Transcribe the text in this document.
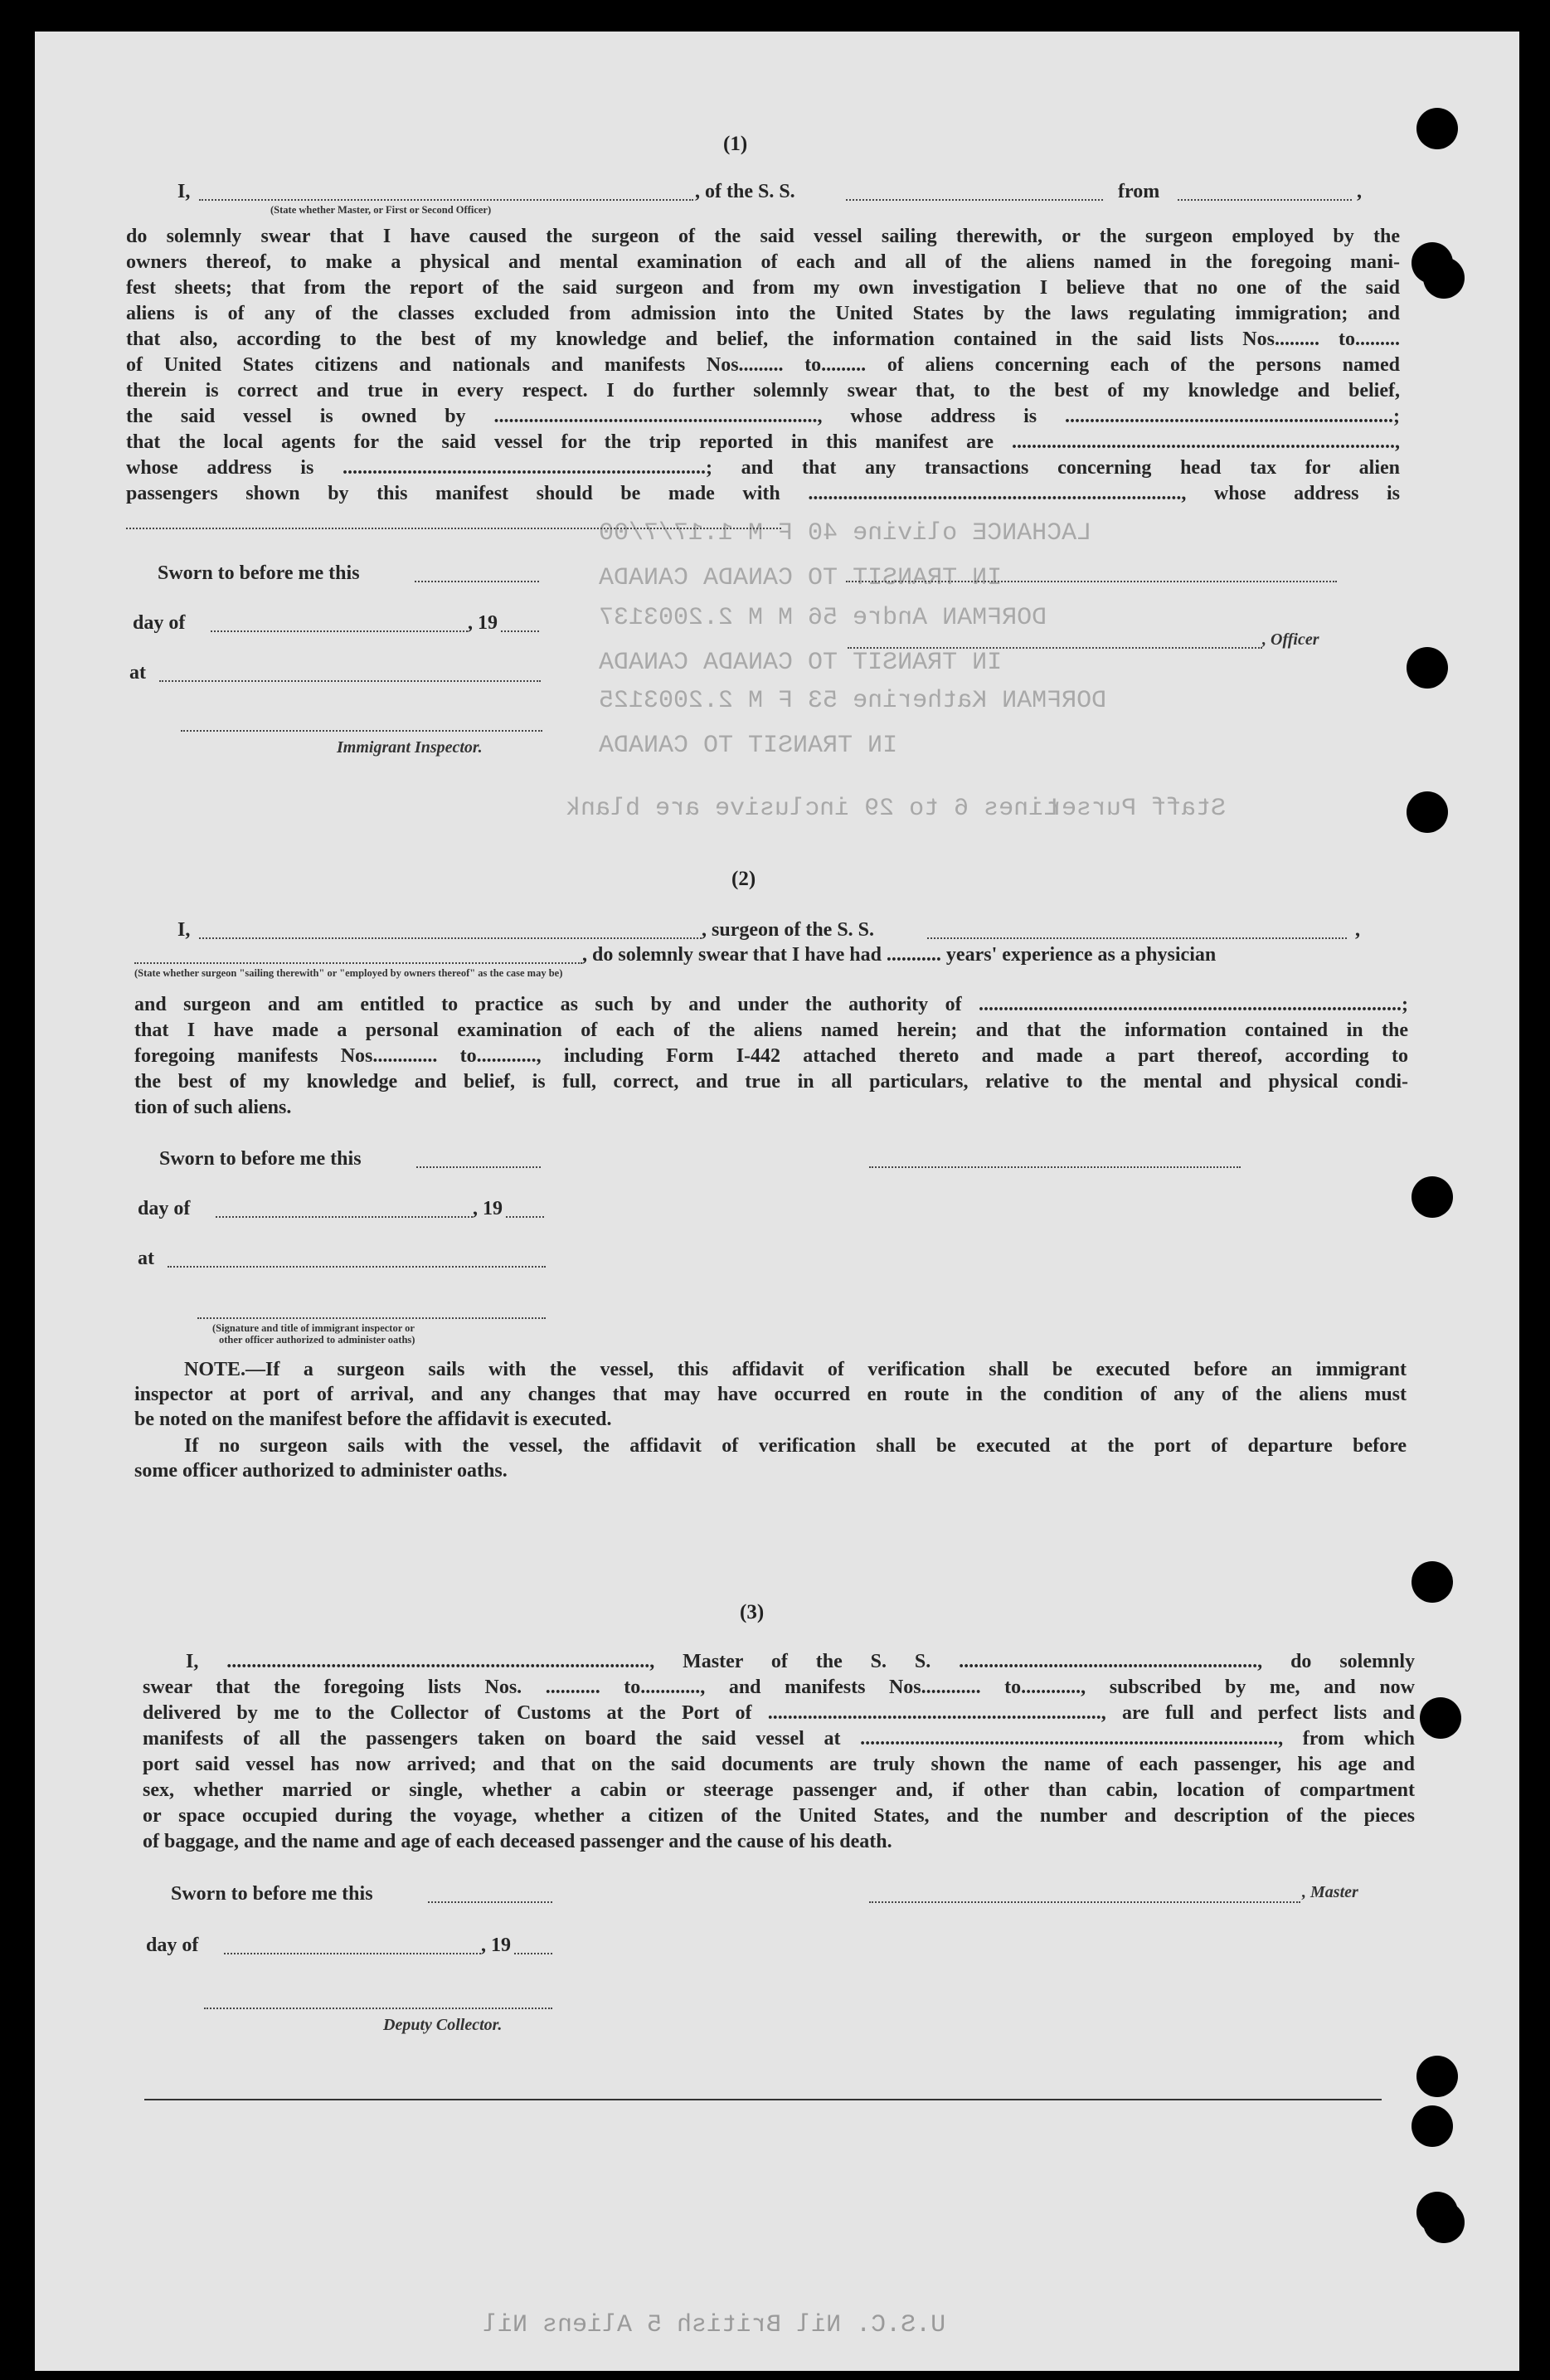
LACHANCE olivine 40 F M 1.17/7/00
IN TRANSIT TO CANADA CANADA
DORFMAN Andre 56 M M 2.2003137
IN TRANSIT TO CANADA CANADA
DORFMAN Katherine 53 F M 2.2003125
IN TRANSIT TO CANADA
Lines 6 to 29 inclusive are blank
Staff Purser
U.S.C. Nil British 5 Aliens Nil
(1)
I,	, of the S. S.	from	,
(State whether Master, or First or Second Officer)
do solemnly swear that I have caused the surgeon of the said vessel sailing therewith, or the surgeon employed by the
owners thereof, to make a physical and mental examination of each and all of the aliens named in the foregoing mani-
fest sheets; that from the report of the said surgeon and from my own investigation I believe that no one of the said
aliens is of any of the classes excluded from admission into the United States by the laws regulating immigration; and
that also, according to the best of my knowledge and belief, the information contained in the said lists Nos......... to.........
of United States citizens and nationals and manifests Nos......... to......... of aliens concerning each of the persons named
therein is correct and true in every respect. I do further solemnly swear that, to the best of my knowledge and belief,
the said vessel is owned by ................................................................., whose address is ..................................................................;
that the local agents for the said vessel for the trip reported in this manifest are .............................................................................,
whose address is .........................................................................; and that any transactions concerning head tax for alien
passengers shown by this manifest should be made with ..........................................................................., whose address is
Sworn to before me this
day of	, 19
at
Immigrant Inspector.
, Officer
(2)
I,	, surgeon of the S. S.	,
, do solemnly swear that I have had ........... years' experience as a physician
(State whether surgeon "sailing therewith" or "employed by owners thereof" as the case may be)
and surgeon and am entitled to practice as such by and under the authority of .....................................................................................;
that I have made a personal examination of each of the aliens named herein; and that the information contained in the
foregoing manifests Nos............. to............, including Form I-442 attached thereto and made a part thereof, according to
the best of my knowledge and belief, is full, correct, and true in all particulars, relative to the mental and physical condi-
tion of such aliens.
Sworn to before me this
day of	, 19
at
(Signature and title of immigrant inspector or
other officer authorized to administer oaths)
NOTE.—If a surgeon sails with the vessel, this affidavit of verification shall be executed before an immigrant
inspector at port of arrival, and any changes that may have occurred en route in the condition of any of the aliens must
be noted on the manifest before the affidavit is executed.
If no surgeon sails with the vessel, the affidavit of verification shall be executed at the port of departure before
some officer authorized to administer oaths.
(3)
I, ....................................................................................., Master of the S. S. ............................................................, do solemnly
swear that the foregoing lists Nos. ........... to............, and manifests Nos............ to............, subscribed by me, and now
delivered by me to the Collector of Customs at the Port of ..................................................................., are full and perfect lists and
manifests of all the passengers taken on board the said vessel at ...................................................................................., from which
port said vessel has now arrived; and that on the said documents are truly shown the name of each passenger, his age and
sex, whether married or single, whether a cabin or steerage passenger and, if other than cabin, location of compartment
or space occupied during the voyage, whether a citizen of the United States, and the number and description of the pieces
of baggage, and the name and age of each deceased passenger and the cause of his death.
Sworn to before me this	, Master
day of	, 19
Deputy Collector.
